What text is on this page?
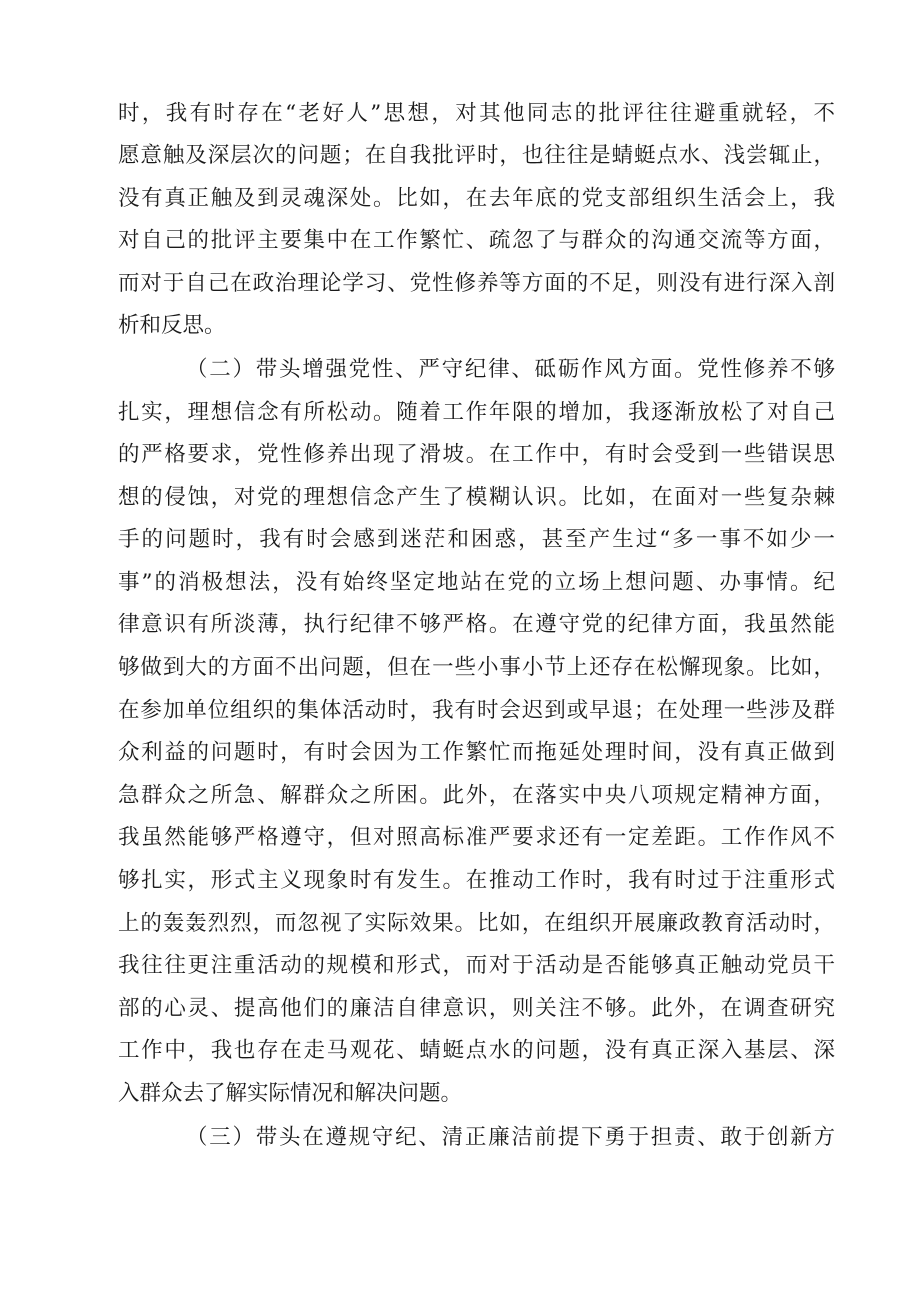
时，我有时存在“老好人”思想，对其他同志的批评往往避重就轻，不
愿意触及深层次的问题；在自我批评时，也往往是蜻蜓点水、浅尝辄止，
没有真正触及到灵魂深处。比如，在去年底的党支部组织生活会上，我
对自己的批评主要集中在工作繁忙、疏忽了与群众的沟通交流等方面，
而对于自己在政治理论学习、党性修养等方面的不足，则没有进行深入剖
析和反思。
（二）带头增强党性、严守纪律、砥砺作风方面。党性修养不够
扎实，理想信念有所松动。随着工作年限的增加，我逐渐放松了对自己
的严格要求，党性修养出现了滑坡。在工作中，有时会受到一些错误思
想的侵蚀，对党的理想信念产生了模糊认识。比如，在面对一些复杂棘
手的问题时，我有时会感到迷茫和困惑，甚至产生过“多一事不如少一
事”的消极想法，没有始终坚定地站在党的立场上想问题、办事情。纪
律意识有所淡薄，执行纪律不够严格。在遵守党的纪律方面，我虽然能
够做到大的方面不出问题，但在一些小事小节上还存在松懈现象。比如，
在参加单位组织的集体活动时，我有时会迟到或早退；在处理一些涉及群
众利益的问题时，有时会因为工作繁忙而拖延处理时间，没有真正做到
急群众之所急、解群众之所困。此外，在落实中央八项规定精神方面，
我虽然能够严格遵守，但对照高标准严要求还有一定差距。工作作风不
够扎实，形式主义现象时有发生。在推动工作时，我有时过于注重形式
上的轰轰烈烈，而忽视了实际效果。比如，在组织开展廉政教育活动时，
我往往更注重活动的规模和形式，而对于活动是否能够真正触动党员干
部的心灵、提高他们的廉洁自律意识，则关注不够。此外，在调查研究
工作中，我也存在走马观花、蜻蜓点水的问题，没有真正深入基层、深
入群众去了解实际情况和解决问题。
（三）带头在遵规守纪、清正廉洁前提下勇于担责、敢于创新方
